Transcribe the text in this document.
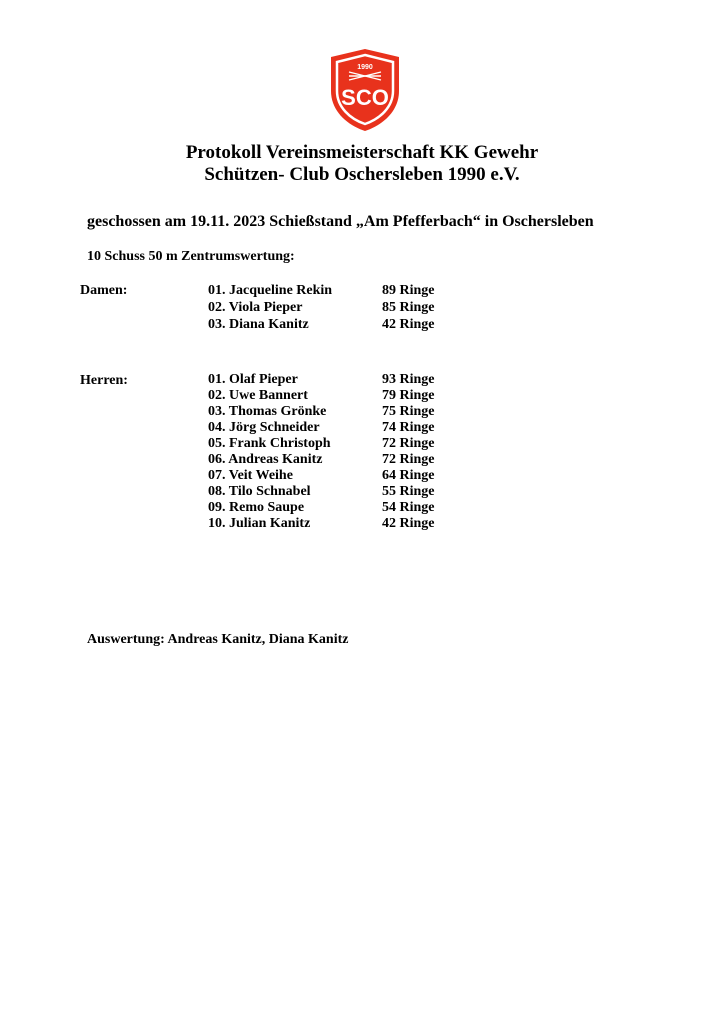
1990
SCO
Protokoll Vereinsmeisterschaft KK Gewehr
Schützen- Club Oschersleben 1990 e.V.

geschossen am 19.11. 2023 Schießstand „Am Pfefferbach“ in Oschersleben

10 Schuss 50 m Zentrumswertung:

Damen:	01. Jacqueline Rekin	89 Ringe
02. Viola Pieper	85 Ringe
03. Diana Kanitz	42 Ringe
Herren:	01. Olaf Pieper	93 Ringe
02. Uwe Bannert	79 Ringe
03. Thomas Grönke	75 Ringe
04. Jörg Schneider	74 Ringe
05. Frank Christoph	72 Ringe
06. Andreas Kanitz	72 Ringe
07. Veit Weihe	64 Ringe
08. Tilo Schnabel	55 Ringe
09. Remo Saupe	54 Ringe
10. Julian Kanitz	42 Ringe

Auswertung: Andreas Kanitz, Diana Kanitz
